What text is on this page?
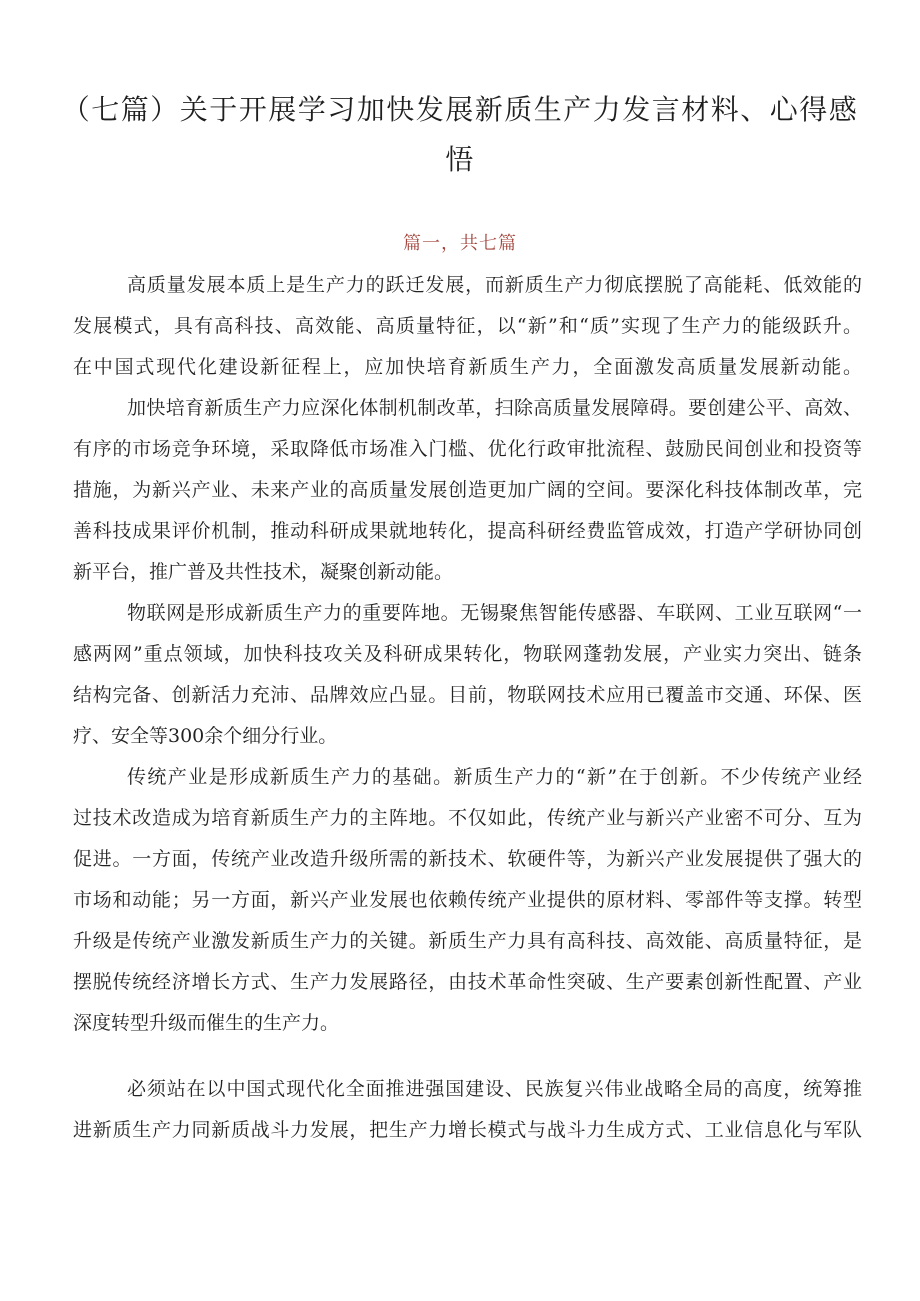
（七篇）关于开展学习加快发展新质生产力发言材料、心得感
悟
篇一，共七篇
高质量发展本质上是生产力的跃迁发展，而新质生产力彻底摆脱了高能耗、低效能的
发展模式，具有高科技、高效能、高质量特征，以“新”和“质”实现了生产力的能级跃升。
在中国式现代化建设新征程上，应加快培育新质生产力，全面激发高质量发展新动能。
加快培育新质生产力应深化体制机制改革，扫除高质量发展障碍。要创建公平、高效、
有序的市场竞争环境，采取降低市场准入门槛、优化行政审批流程、鼓励民间创业和投资等
措施，为新兴产业、未来产业的高质量发展创造更加广阔的空间。要深化科技体制改革，完
善科技成果评价机制，推动科研成果就地转化，提高科研经费监管成效，打造产学研协同创
新平台，推广普及共性技术，凝聚创新动能。
物联网是形成新质生产力的重要阵地。无锡聚焦智能传感器、车联网、工业互联网“一
感两网”重点领域，加快科技攻关及科研成果转化，物联网蓬勃发展，产业实力突出、链条
结构完备、创新活力充沛、品牌效应凸显。目前，物联网技术应用已覆盖市交通、环保、医
疗、安全等300余个细分行业。
传统产业是形成新质生产力的基础。新质生产力的“新”在于创新。不少传统产业经
过技术改造成为培育新质生产力的主阵地。不仅如此，传统产业与新兴产业密不可分、互为
促进。一方面，传统产业改造升级所需的新技术、软硬件等，为新兴产业发展提供了强大的
市场和动能；另一方面，新兴产业发展也依赖传统产业提供的原材料、零部件等支撑。转型
升级是传统产业激发新质生产力的关键。新质生产力具有高科技、高效能、高质量特征，是
摆脱传统经济增长方式、生产力发展路径，由技术革命性突破、生产要素创新性配置、产业
深度转型升级而催生的生产力。
必须站在以中国式现代化全面推进强国建设、民族复兴伟业战略全局的高度，统筹推
进新质生产力同新质战斗力发展，把生产力增长模式与战斗力生成方式、工业信息化与军队
